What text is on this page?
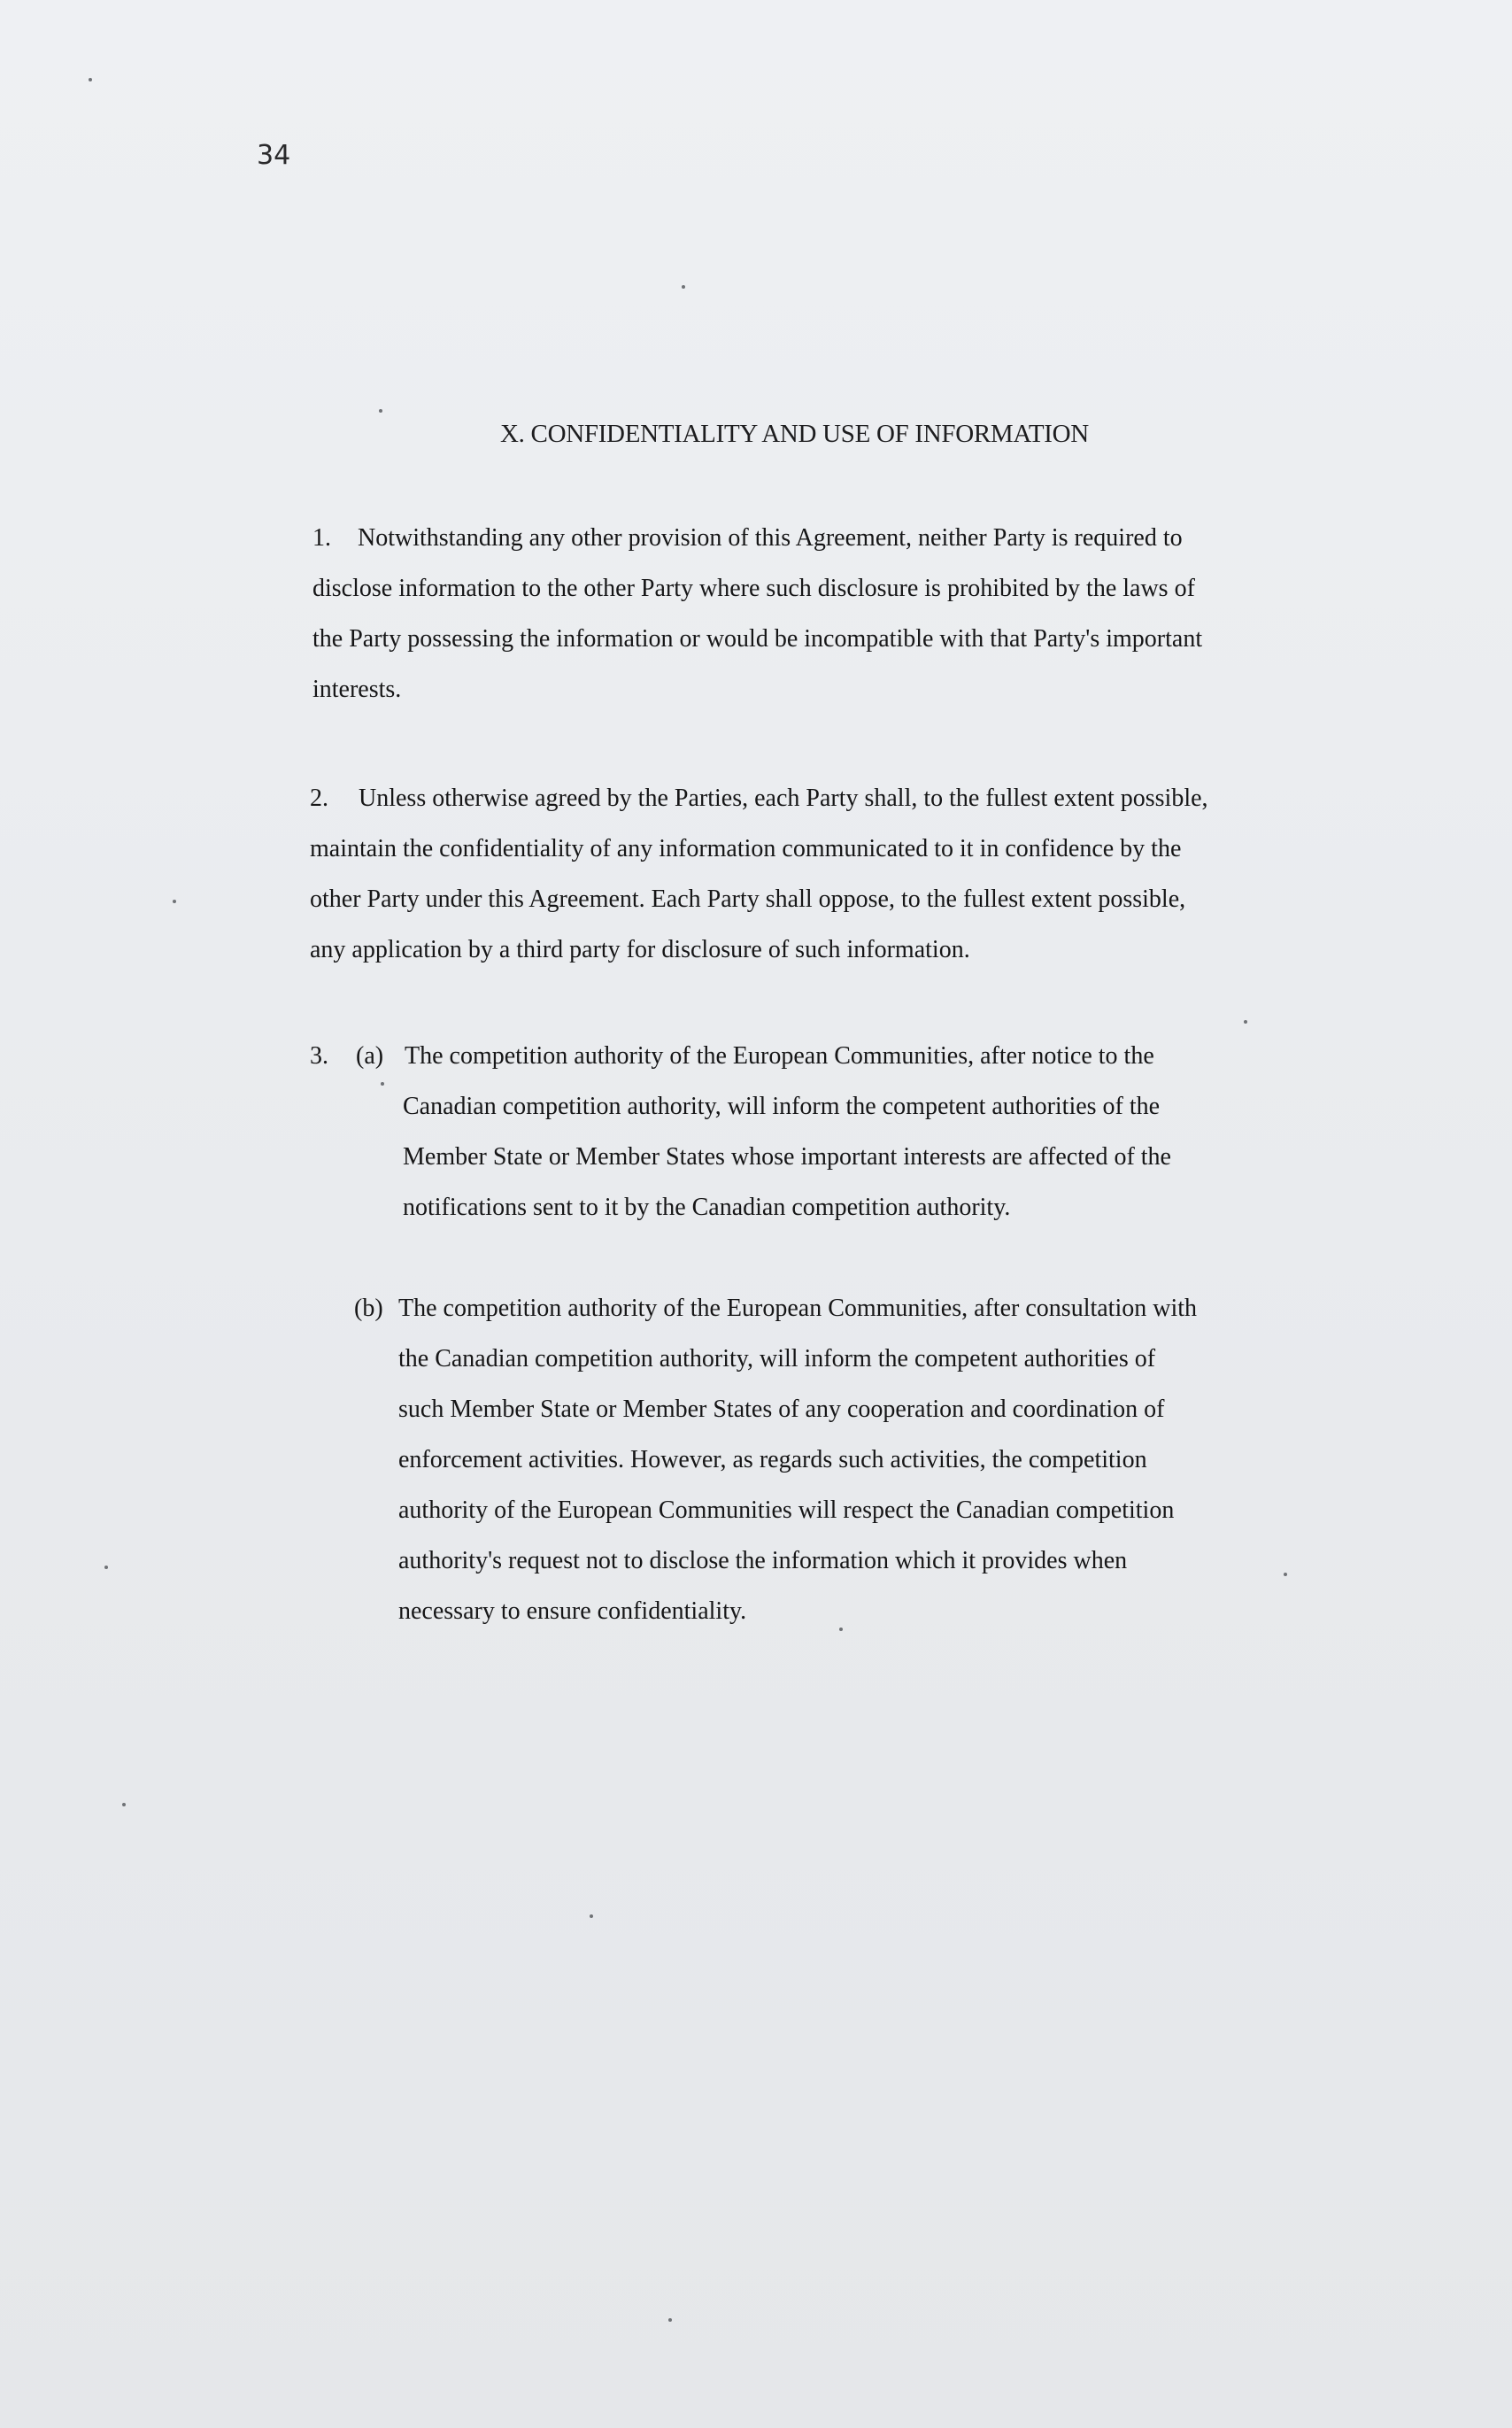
34
X. CONFIDENTIALITY AND USE OF INFORMATION
1. Notwithstanding any other provision of this Agreement, neither Party is required to
disclose information to the other Party where such disclosure is prohibited by the laws of
the Party possessing the information or would be incompatible with that Party's important
interests.
2. Unless otherwise agreed by the Parties, each Party shall, to the fullest extent possible,
maintain the confidentiality of any information communicated to it in confidence by the
other Party under this Agreement. Each Party shall oppose, to the fullest extent possible,
any application by a third party for disclosure of such information.
3. (a) The competition authority of the European Communities, after notice to the
Canadian competition authority, will inform the competent authorities of the
Member State or Member States whose important interests are affected of the
notifications sent to it by the Canadian competition authority.
(b) The competition authority of the European Communities, after consultation with
the Canadian competition authority, will inform the competent authorities of
such Member State or Member States of any cooperation and coordination of
enforcement activities. However, as regards such activities, the competition
authority of the European Communities will respect the Canadian competition
authority's request not to disclose the information which it provides when
necessary to ensure confidentiality.
